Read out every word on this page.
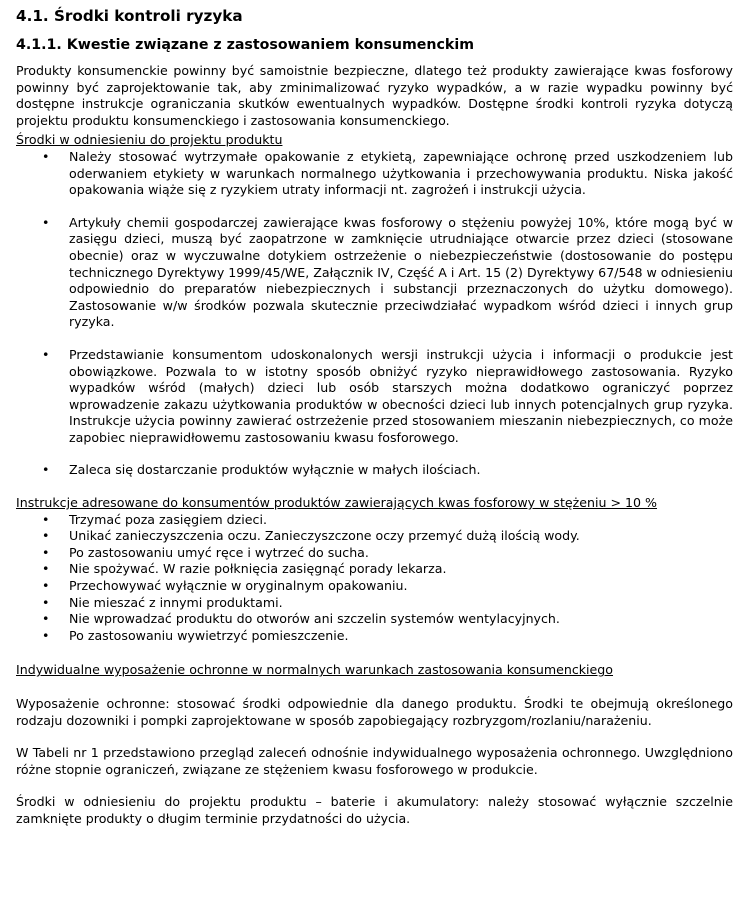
4.1. Środki kontroli ryzyka
4.1.1. Kwestie związane z zastosowaniem konsumenckim

Produkty konsumenckie powinny być samoistnie bezpieczne, dlatego też produkty zawierające kwas fosforowy powinny być zaprojektowanie tak, aby zminimalizować ryzyko wypadków, a w razie wypadku powinny być dostępne instrukcje ograniczania skutków ewentualnych wypadków. Dostępne środki kontroli ryzyka dotyczą projektu produktu konsumenckiego i zastosowania konsumenckiego.

Środki w odniesieniu do projektu produktu

• Należy stosować wytrzymałe opakowanie z etykietą, zapewniające ochronę przed uszkodzeniem lub oderwaniem etykiety w warunkach normalnego użytkowania i przechowywania produktu. Niska jakość opakowania wiąże się z ryzykiem utraty informacji nt. zagrożeń i instrukcji użycia.
• Artykuły chemii gospodarczej zawierające kwas fosforowy o stężeniu powyżej 10%, które mogą być w zasięgu dzieci, muszą być zaopatrzone w zamknięcie utrudniające otwarcie przez dzieci (stosowane obecnie) oraz w wyczuwalne dotykiem ostrzeżenie o niebezpieczeństwie (dostosowanie do postępu technicznego Dyrektywy 1999/45/WE, Załącznik IV, Część A i Art. 15 (2) Dyrektywy 67/548 w odniesieniu odpowiednio do preparatów niebezpiecznych i substancji przeznaczonych do użytku domowego). Zastosowanie w/w środków pozwala skutecznie przeciwdziałać wypadkom wśród dzieci i innych grup ryzyka.
• Przedstawianie konsumentom udoskonalonych wersji instrukcji użycia i informacji o produkcie jest obowiązkowe. Pozwala to w istotny sposób obniżyć ryzyko nieprawidłowego zastosowania. Ryzyko wypadków wśród (małych) dzieci lub osób starszych można dodatkowo ograniczyć poprzez wprowadzenie zakazu użytkowania produktów w obecności dzieci lub innych potencjalnych grup ryzyka. Instrukcje użycia powinny zawierać ostrzeżenie przed stosowaniem mieszanin niebezpiecznych, co może zapobiec nieprawidłowemu zastosowaniu kwasu fosforowego.
• Zaleca się dostarczanie produktów wyłącznie w małych ilościach.

Instrukcje adresowane do konsumentów produktów zawierających kwas fosforowy w stężeniu > 10 %

• Trzymać poza zasięgiem dzieci.
• Unikać zanieczyszczenia oczu. Zanieczyszczone oczy przemyć dużą ilością wody.
• Po zastosowaniu umyć ręce i wytrzeć do sucha.
• Nie spożywać. W razie połknięcia zasięgnąć porady lekarza.
• Przechowywać wyłącznie w oryginalnym opakowaniu.
• Nie mieszać z innymi produktami.
• Nie wprowadzać produktu do otworów ani szczelin systemów wentylacyjnych.
• Po zastosowaniu wywietrzyć pomieszczenie.

Indywidualne wyposażenie ochronne w normalnych warunkach zastosowania konsumenckiego

Wyposażenie ochronne: stosować środki odpowiednie dla danego produktu. Środki te obejmują określonego rodzaju dozowniki i pompki zaprojektowane w sposób zapobiegający rozbryzgom/rozlaniu/narażeniu.

W Tabeli nr 1 przedstawiono przegląd zaleceń odnośnie indywidualnego wyposażenia ochronnego. Uwzględniono różne stopnie ograniczeń, związane ze stężeniem kwasu fosforowego w produkcie.

Środki w odniesieniu do projektu produktu – baterie i akumulatory: należy stosować wyłącznie szczelnie zamknięte produkty o długim terminie przydatności do użycia.
